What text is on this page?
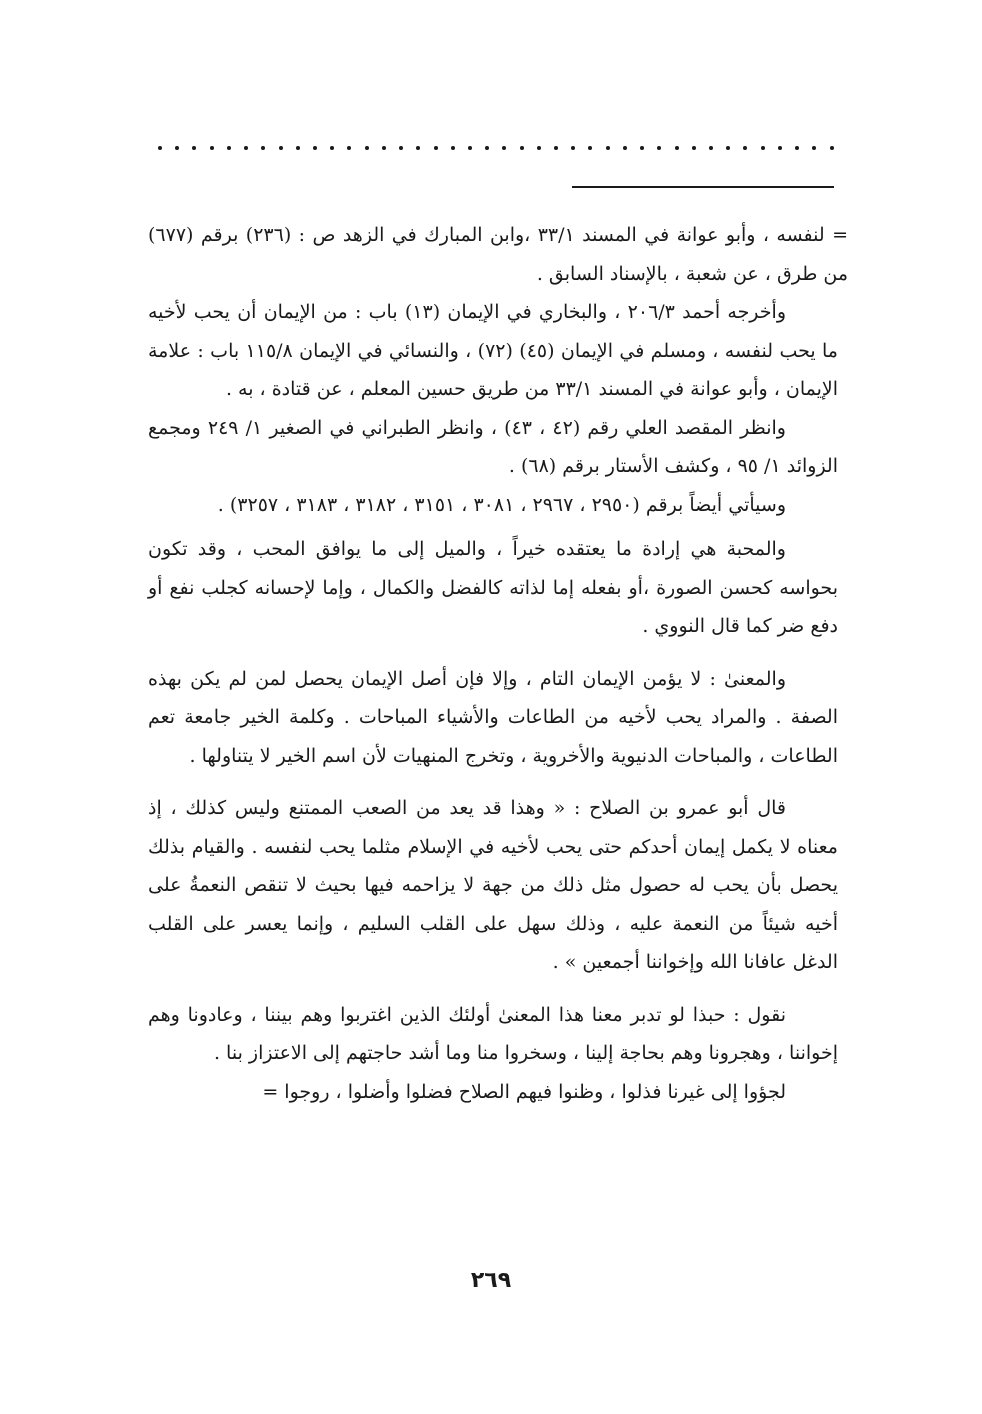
= لنفسه ، وأبو عوانة في المسند ٣٣/١ ،وابن المبارك في الزهد ص : (٢٣٦) برقم (٦٧٧) من طرق ، عن شعبة ، بالإسناد السابق .

وأخرجه أحمد ٢٠٦/٣ ، والبخاري في الإيمان (١٣) باب : من الإيمان أن يحب لأخيه ما يحب لنفسه ، ومسلم في الإيمان (٤٥) (٧٢) ، والنسائي في الإيمان ١١٥/٨ باب : علامة الإيمان ، وأبو عوانة في المسند ٣٣/١ من طريق حسين المعلم ، عن قتادة ، به .

وانظر المقصد العلي رقم (٤٢ ، ٤٣) ، وانظر الطبراني في الصغير ١/ ٢٤٩ ومجمع الزوائد ١/ ٩٥ ، وكشف الأستار برقم (٦٨) .

وسيأتي أيضاً برقم (٢٩٥٠ ، ٢٩٦٧ ، ٣٠٨١ ، ٣١٥١ ، ٣١٨٢ ، ٣١٨٣ ، ٣٢٥٧) .

والمحبة هي إرادة ما يعتقده خيراً ، والميل إلى ما يوافق المحب ، وقد تكون بحواسه كحسن الصورة ،أو بفعله إما لذاته كالفضل والكمال ، وإما لإحسانه كجلب نفع أو دفع ضر كما قال النووي .

والمعنىٰ : لا يؤمن الإيمان التام ، وإلا فإن أصل الإيمان يحصل لمن لم يكن بهذه الصفة . والمراد يحب لأخيه من الطاعات والأشياء المباحات . وكلمة الخير جامعة تعم الطاعات ، والمباحات الدنيوية والأخروية ، وتخرج المنهيات لأن اسم الخير لا يتناولها .

قال أبو عمرو بن الصلاح : « وهذا قد يعد من الصعب الممتنع وليس كذلك ، إذ معناه لا يكمل إيمان أحدكم حتى يحب لأخيه في الإسلام مثلما يحب لنفسه . والقيام بذلك يحصل بأن يحب له حصول مثل ذلك من جهة لا يزاحمه فيها بحيث لا تنقص النعمةُ على أخيه شيئاً من النعمة عليه ، وذلك سهل على القلب السليم ، وإنما يعسر على القلب الدغل عافانا الله وإخواننا أجمعين » .

نقول : حبذا لو تدبر معنا هذا المعنىٰ أولئك الذين اغتربوا وهم بيننا ، وعادونا وهم إخواننا ، وهجرونا وهم بحاجة إلينا ، وسخروا منا وما أشد حاجتهم إلى الاعتزاز بنا .

لجؤوا إلى غيرنا فذلوا ، وظنوا فيهم الصلاح فضلوا وأضلوا ، روجوا =

٢٦٩
